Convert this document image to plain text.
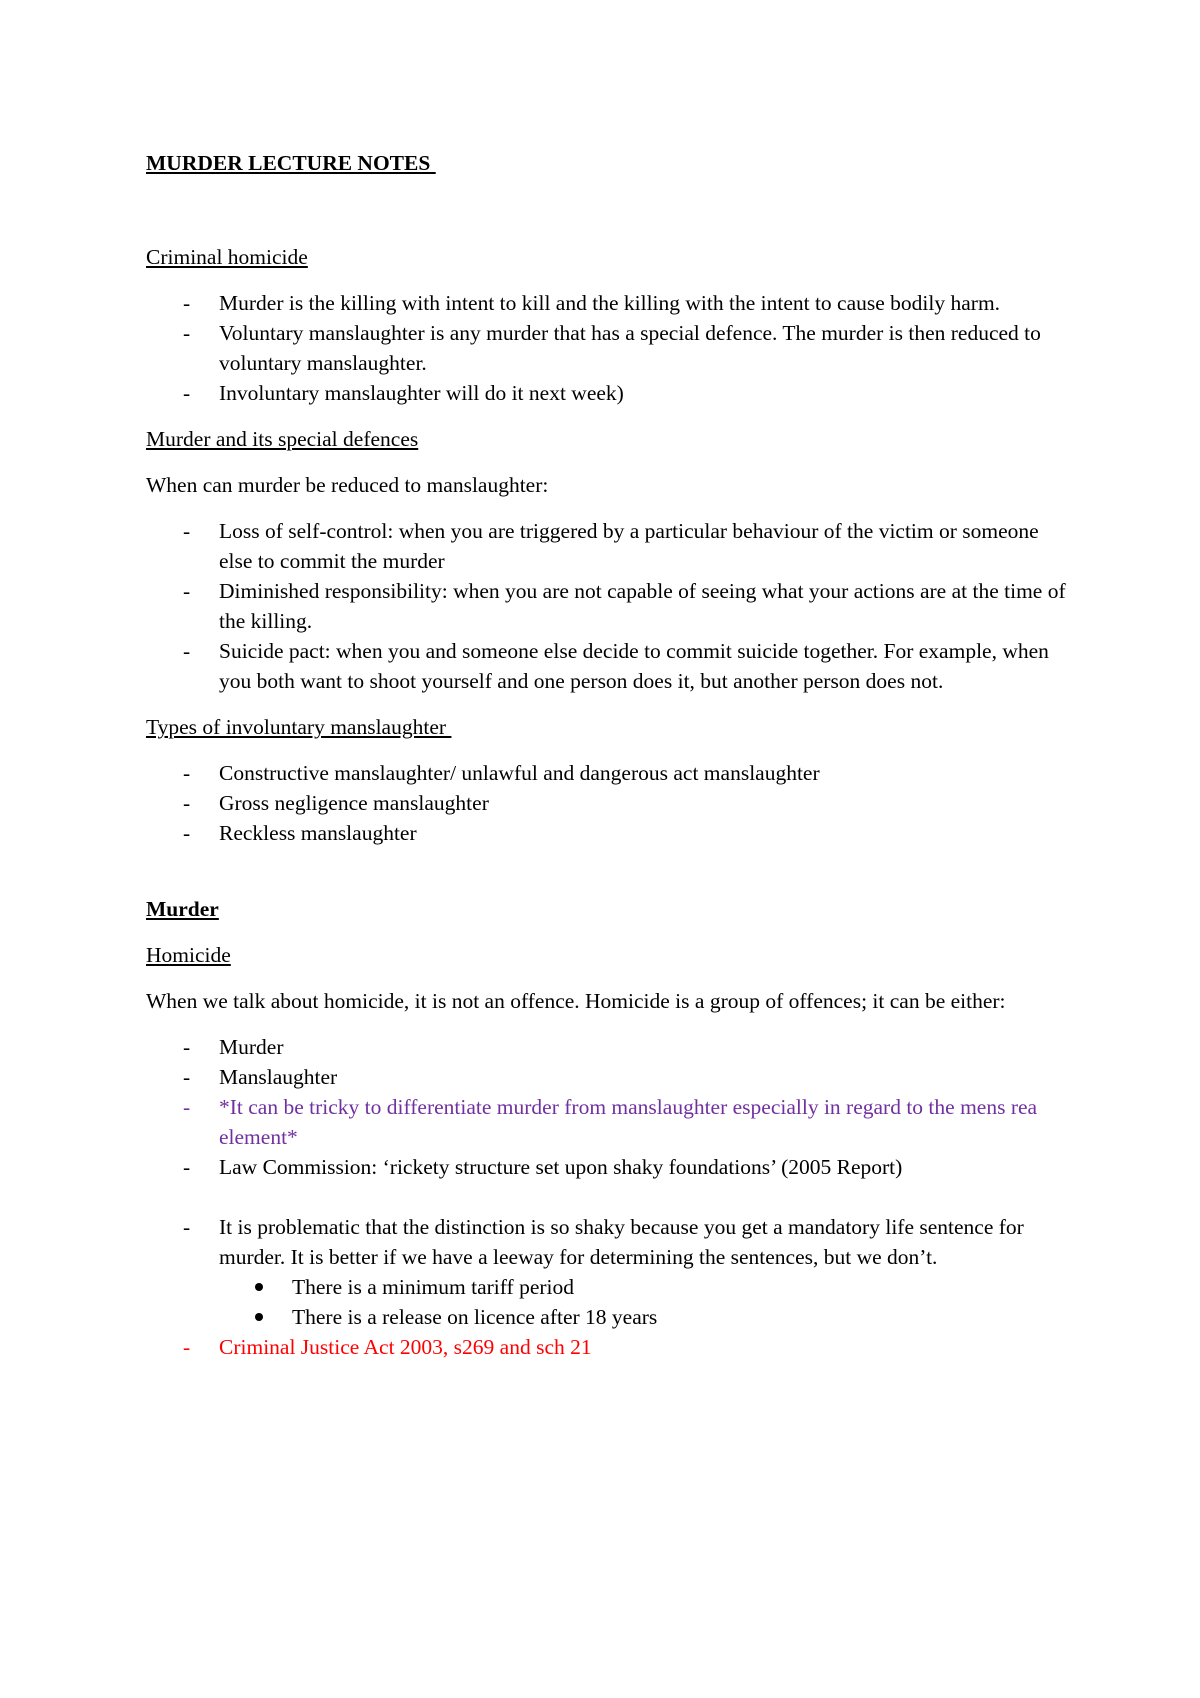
MURDER LECTURE NOTES

Criminal homicide

- Murder is the killing with intent to kill and the killing with the intent to cause bodily harm.
- Voluntary manslaughter is any murder that has a special defence. The murder is then reduced to voluntary manslaughter.
- Involuntary manslaughter will do it next week)

Murder and its special defences

When can murder be reduced to manslaughter:

- Loss of self-control: when you are triggered by a particular behaviour of the victim or someone else to commit the murder
- Diminished responsibility: when you are not capable of seeing what your actions are at the time of the killing.
- Suicide pact: when you and someone else decide to commit suicide together. For example, when you both want to shoot yourself and one person does it, but another person does not.

Types of involuntary manslaughter

- Constructive manslaughter/ unlawful and dangerous act manslaughter
- Gross negligence manslaughter
- Reckless manslaughter

Murder

Homicide

When we talk about homicide, it is not an offence. Homicide is a group of offences; it can be either:

- Murder
- Manslaughter
- *It can be tricky to differentiate murder from manslaughter especially in regard to the mens rea element*
- Law Commission: ‘rickety structure set upon shaky foundations’ (2005 Report)
- It is problematic that the distinction is so shaky because you get a mandatory life sentence for murder. It is better if we have a leeway for determining the sentences, but we don’t.
There is a minimum tariff period
There is a release on licence after 18 years
- Criminal Justice Act 2003, s269 and sch 21
